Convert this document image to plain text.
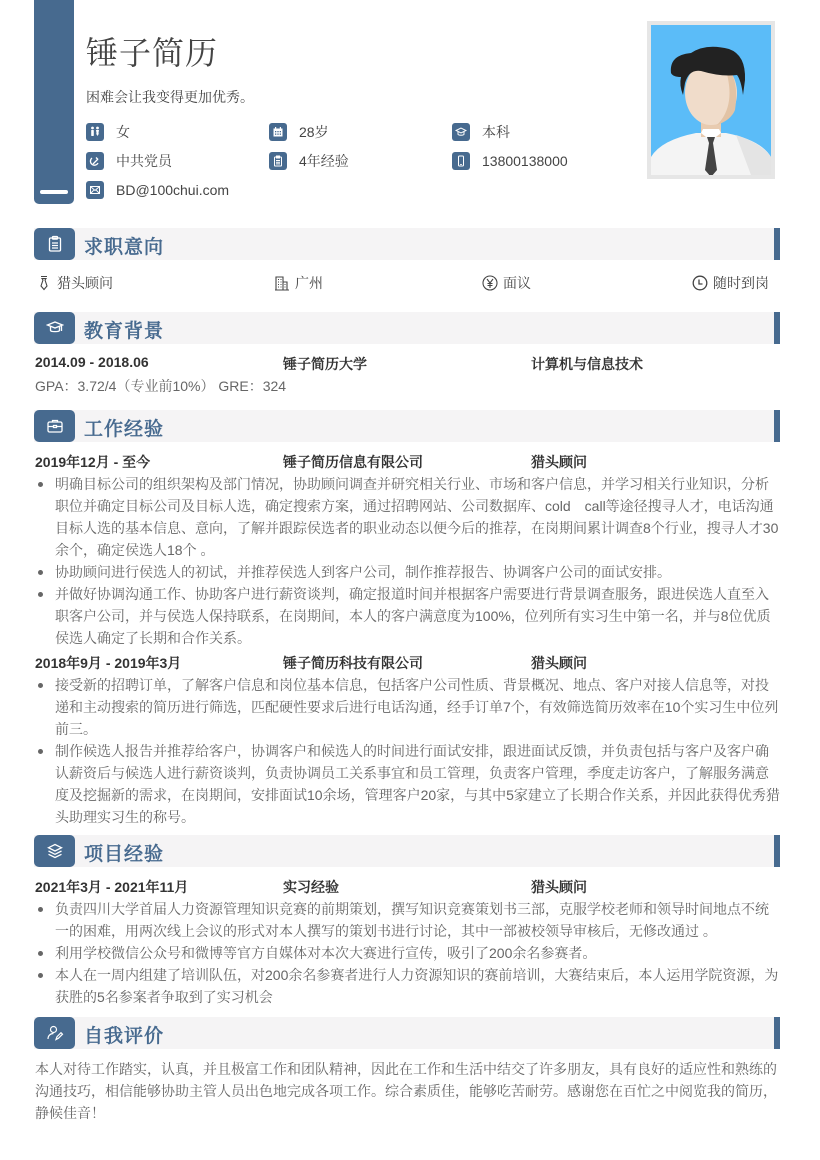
锤子简历
困难会让我变得更加优秀。
女	28岁	本科
中共党员	4年经验	13800138000
BD@100chui.com
求职意向
猎头顾问	广州	面议	随时到岗
教育背景
2014.09 - 2018.06	锤子简历大学	计算机与信息技术
GPA：3.72/4（专业前10%） GRE：324
工作经验
2019年12月 - 至今	锤子简历信息有限公司	猎头顾问
明确目标公司的组织架构及部门情况，协助顾问调查并研究相关行业、市场和客户信息，并学习相关行业知识，分析职位并确定目标公司及目标人选，确定搜索方案，通过招聘网站、公司数据库、cold　call等途径搜寻人才，电话沟通目标人选的基本信息、意向，了解并跟踪侯选者的职业动态以便今后的推荐，在岗期间累计调查8个行业，搜寻人才30余个，确定侯选人18个 。
协助顾问进行侯选人的初试，并推荐侯选人到客户公司，制作推荐报告、协调客户公司的面试安排。
并做好协调沟通工作、协助客户进行薪资谈判，确定报道时间并根据客户需要进行背景调查服务，跟进侯选人直至入职客户公司，并与侯选人保持联系，在岗期间，本人的客户满意度为100%，位列所有实习生中第一名，并与8位优质侯选人确定了长期和合作关系。
2018年9月 - 2019年3月	锤子简历科技有限公司	猎头顾问
接受新的招聘订单，了解客户信息和岗位基本信息，包括客户公司性质、背景概况、地点、客户对接人信息等，对投递和主动搜索的简历进行筛选，匹配硬性要求后进行电话沟通，经手订单7个，有效筛选简历效率在10个实习生中位列前三。
制作候选人报告并推荐给客户，协调客户和候选人的时间进行面试安排，跟进面试反馈，并负责包括与客户及客户确认薪资后与候选人进行薪资谈判，负责协调员工关系事宜和员工管理，负责客户管理，季度走访客户，了解服务满意度及挖掘新的需求，在岗期间，安排面试10余场，管理客户20家，与其中5家建立了长期合作关系，并因此获得优秀猎头助理实习生的称号。
项目经验
2021年3月 - 2021年11月	实习经验	猎头顾问
负责四川大学首届人力资源管理知识竞赛的前期策划，撰写知识竞赛策划书三部，克服学校老师和领导时间地点不统一的困难，用两次线上会议的形式对本人撰写的策划书进行讨论，其中一部被校领导审核后，无修改通过 。
利用学校微信公众号和微博等官方自媒体对本次大赛进行宣传，吸引了200余名参赛者。
本人在一周内组建了培训队伍，对200余名参赛者进行人力资源知识的赛前培训，大赛结束后，本人运用学院资源，为获胜的5名参案者争取到了实习机会
自我评价
本人对待工作踏实，认真，并且极富工作和团队精神，因此在工作和生活中结交了许多朋友，具有良好的适应性和熟练的沟通技巧，相信能够协助主管人员出色地完成各项工作。综合素质佳，能够吃苦耐劳。感谢您在百忙之中阅览我的简历，静候佳音！
